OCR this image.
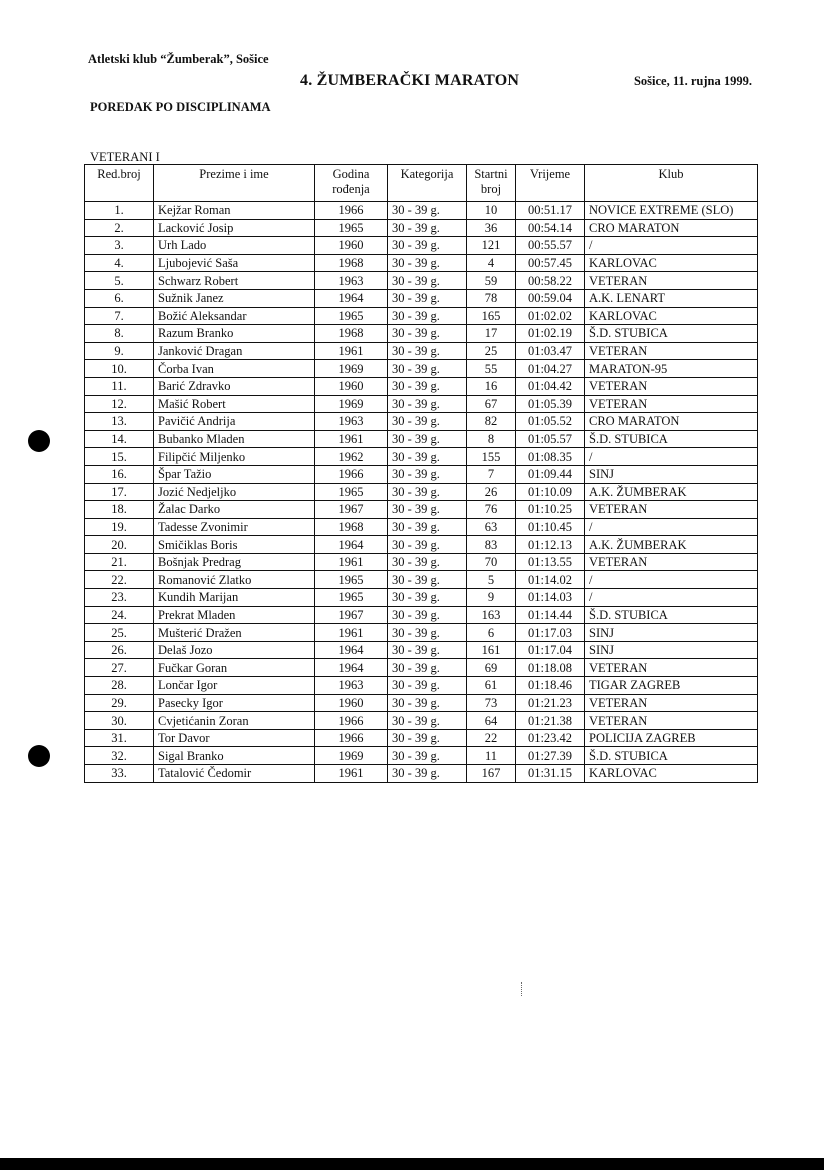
Atletski klub “Žumberak”, Sošice
4. ŽUMBERAČKI MARATON	Sošice, 11. rujna 1999.
POREDAK PO DISCIPLINAMA
VETERANI I
Red.broj	Prezime i ime	Godina rođenja	Kategorija	Startni broj	Vrijeme	Klub
1.	Kejžar Roman	1966	30 - 39 g.	10	00:51.17	NOVICE EXTREME (SLO)
2.	Lacković Josip	1965	30 - 39 g.	36	00:54.14	CRO MARATON
3.	Urh Lado	1960	30 - 39 g.	121	00:55.57	/
4.	Ljubojević Saša	1968	30 - 39 g.	4	00:57.45	KARLOVAC
5.	Schwarz Robert	1963	30 - 39 g.	59	00:58.22	VETERAN
6.	Sužnik Janez	1964	30 - 39 g.	78	00:59.04	A.K. LENART
7.	Božić Aleksandar	1965	30 - 39 g.	165	01:02.02	KARLOVAC
8.	Razum Branko	1968	30 - 39 g.	17	01:02.19	Š.D. STUBICA
9.	Janković Dragan	1961	30 - 39 g.	25	01:03.47	VETERAN
10.	Čorba Ivan	1969	30 - 39 g.	55	01:04.27	MARATON-95
11.	Barić Zdravko	1960	30 - 39 g.	16	01:04.42	VETERAN
12.	Mašić Robert	1969	30 - 39 g.	67	01:05.39	VETERAN
13.	Pavičić Andrija	1963	30 - 39 g.	82	01:05.52	CRO MARATON
14.	Bubanko Mladen	1961	30 - 39 g.	8	01:05.57	Š.D. STUBICA
15.	Filipčić Miljenko	1962	30 - 39 g.	155	01:08.35	/
16.	Špar Tažio	1966	30 - 39 g.	7	01:09.44	SINJ
17.	Jozić Nedjeljko	1965	30 - 39 g.	26	01:10.09	A.K. ŽUMBERAK
18.	Žalac Darko	1967	30 - 39 g.	76	01:10.25	VETERAN
19.	Tadesse Zvonimir	1968	30 - 39 g.	63	01:10.45	/
20.	Smičiklas Boris	1964	30 - 39 g.	83	01:12.13	A.K. ŽUMBERAK
21.	Bošnjak Predrag	1961	30 - 39 g.	70	01:13.55	VETERAN
22.	Romanović Zlatko	1965	30 - 39 g.	5	01:14.02	/
23.	Kundih Marijan	1965	30 - 39 g.	9	01:14.03	/
24.	Prekrat Mladen	1967	30 - 39 g.	163	01:14.44	Š.D. STUBICA
25.	Mušterić Dražen	1961	30 - 39 g.	6	01:17.03	SINJ
26.	Delaš Jozo	1964	30 - 39 g.	161	01:17.04	SINJ
27.	Fučkar Goran	1964	30 - 39 g.	69	01:18.08	VETERAN
28.	Lončar Igor	1963	30 - 39 g.	61	01:18.46	TIGAR ZAGREB
29.	Pasecky Igor	1960	30 - 39 g.	73	01:21.23	VETERAN
30.	Cvjetićanin Zoran	1966	30 - 39 g.	64	01:21.38	VETERAN
31.	Tor Davor	1966	30 - 39 g.	22	01:23.42	POLICIJA ZAGREB
32.	Sigal Branko	1969	30 - 39 g.	11	01:27.39	Š.D. STUBICA
33.	Tatalović Čedomir	1961	30 - 39 g.	167	01:31.15	KARLOVAC
